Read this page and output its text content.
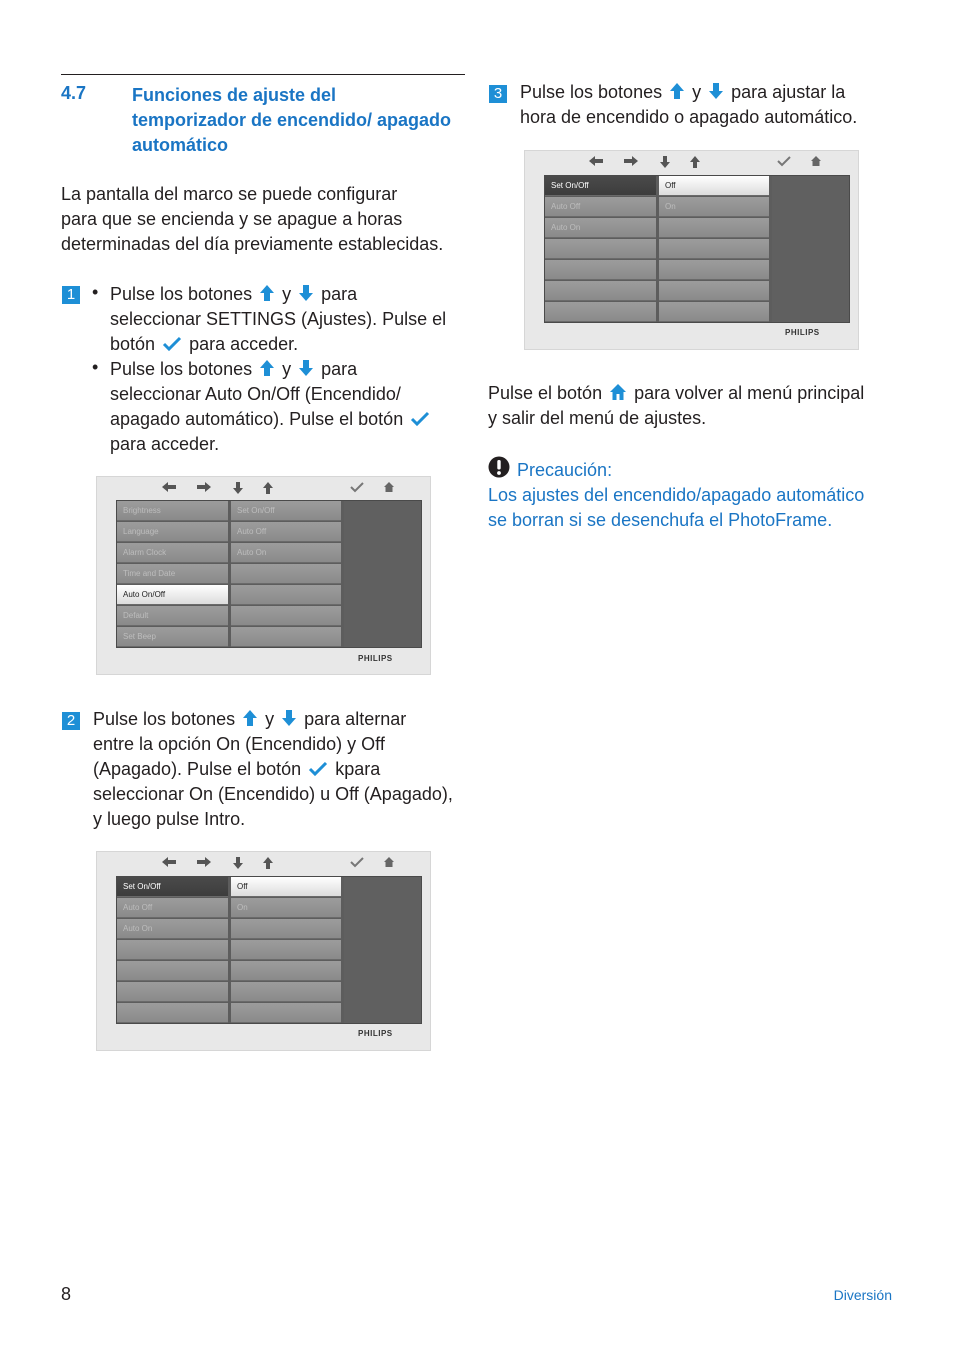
4.7	Funciones de ajuste del temporizador de encendido/ apagado automático
La pantalla del marco se puede configurar
para que se encienda y se apague a horas
determinadas del día previamente establecidas.
1 • Pulse los botones y para
seleccionar SETTINGS (Ajustes). Pulse el
botón para acceder.
• Pulse los botones y para
seleccionar Auto On/Off (Encendido/
apagado automático). Pulse el botón
para acceder.
Brightness
Language
Alarm Clock
Time and Date
Auto On/Off
Default
Set Beep
Set On/Off
Auto Off
Auto On
PHILIPS
2 Pulse los botones y para alternar
entre la opción On (Encendido) y Off
(Apagado). Pulse el botón kpara
seleccionar On (Encendido) u Off (Apagado),
y luego pulse Intro.
Set On/Off
Auto Off
Auto On
Off
On
PHILIPS
3 Pulse los botones y para ajustar la
hora de encendido o apagado automático.
Set On/Off
Auto Off
Auto On
Off
On
PHILIPS
Pulse el botón para volver al menú principal
y salir del menú de ajustes.
Precaución:
Los ajustes del encendido/apagado automático
se borran si se desenchufa el PhotoFrame.
8	Diversión
